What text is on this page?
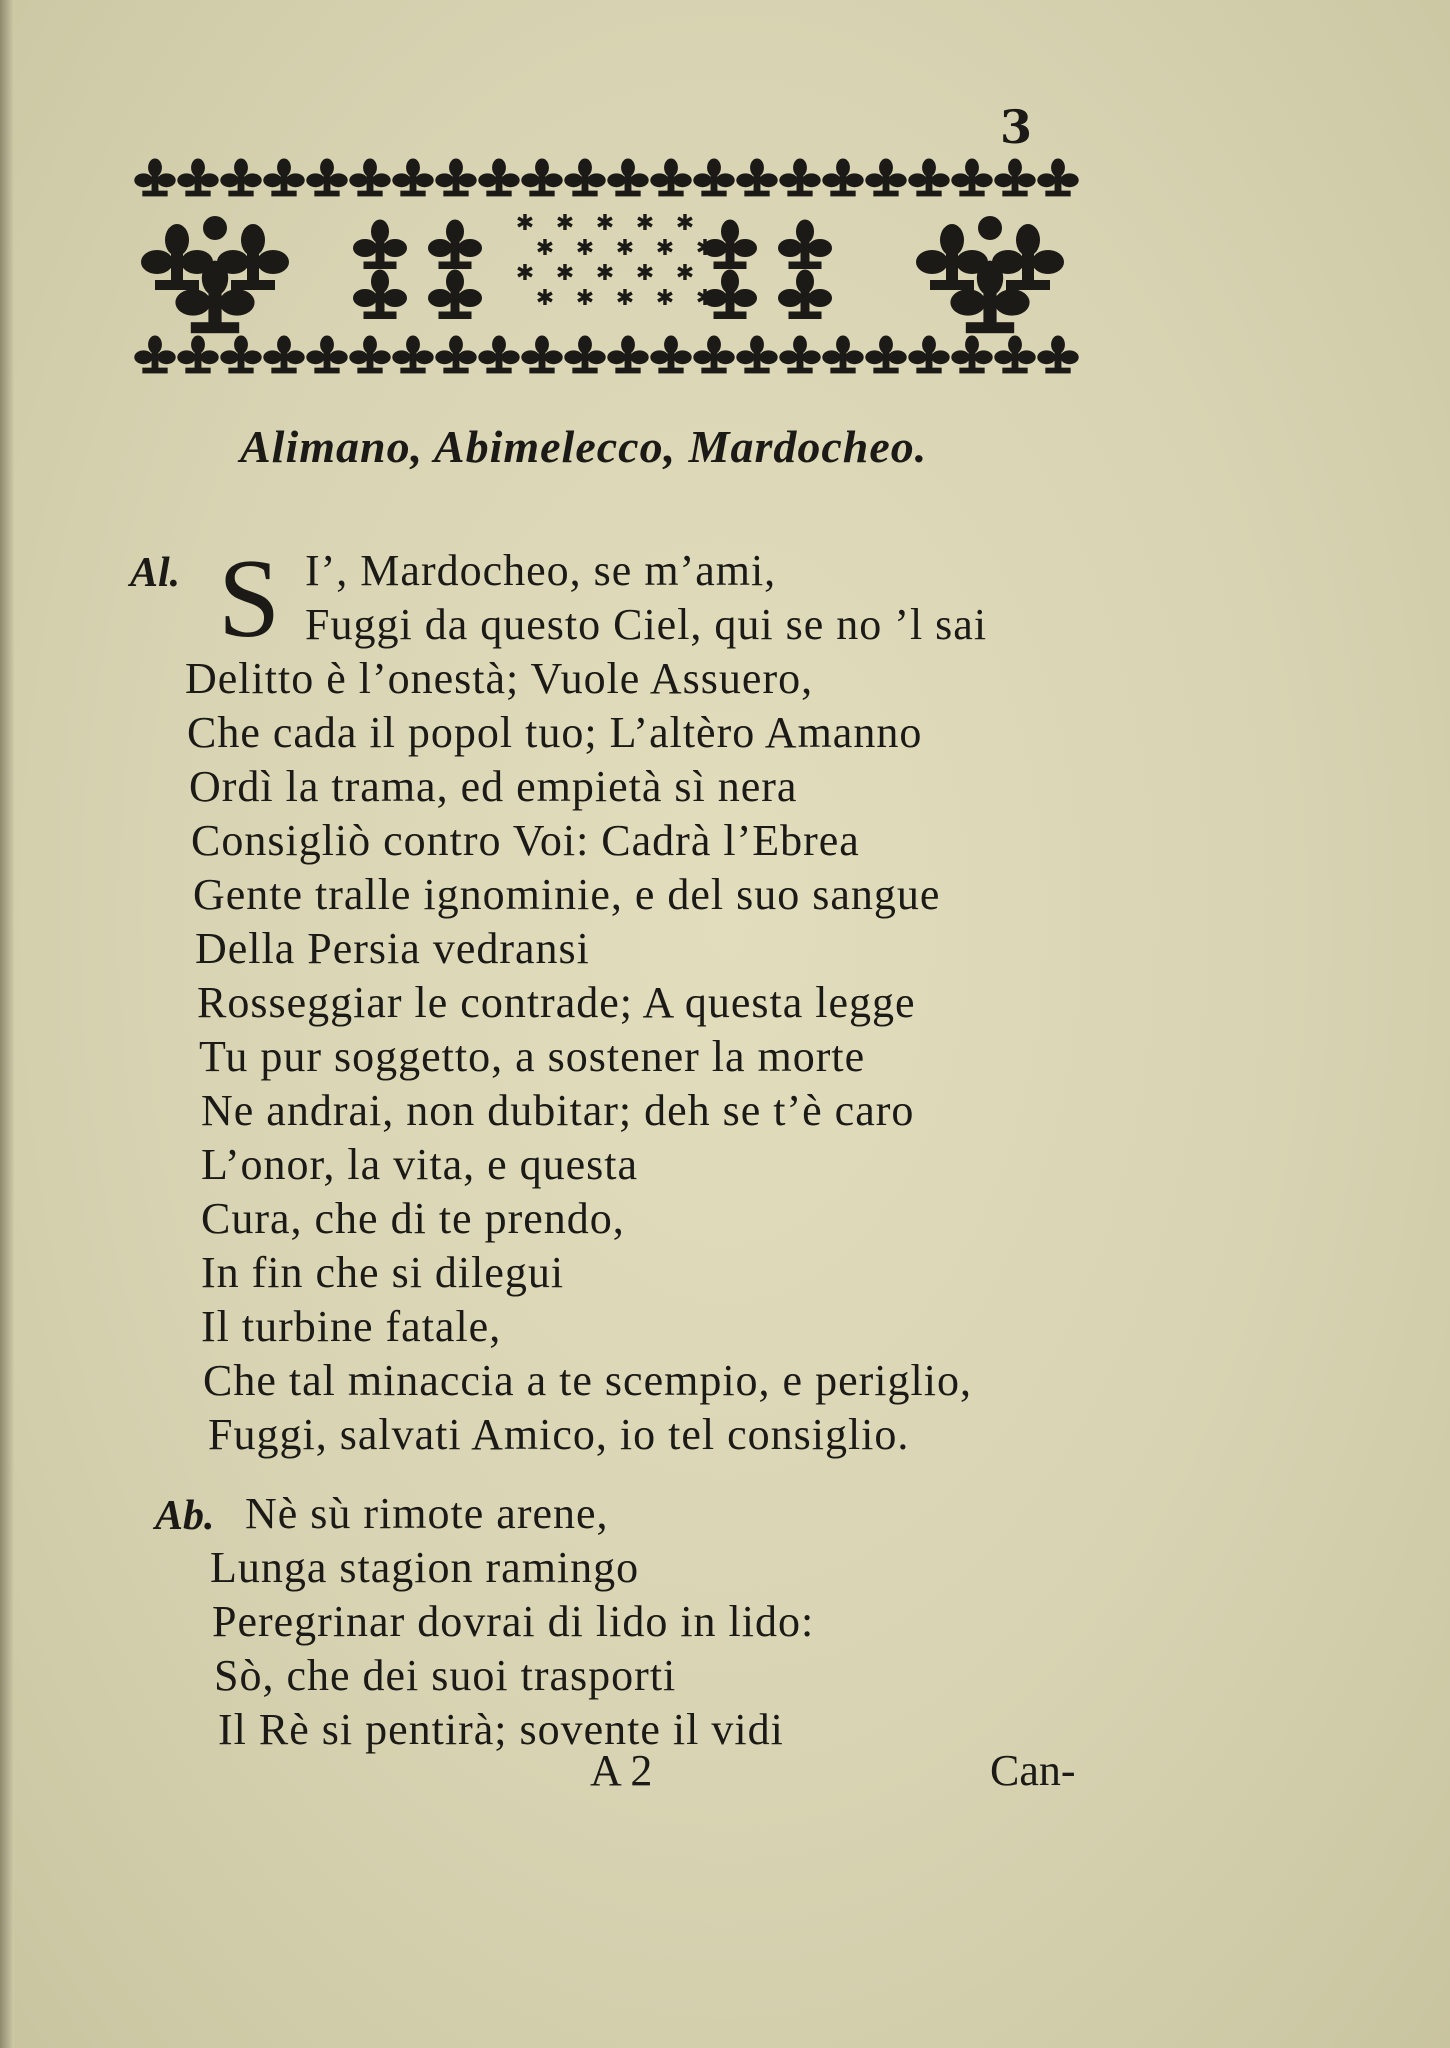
3
✱ ✱ ✱ ✱ ✱
✱ ✱ ✱ ✱ ✱
✱ ✱ ✱ ✱ ✱
✱ ✱ ✱ ✱ ✱
Alimano, Abimelecco, Mardocheo.
Al. S
Ab.
I’, Mardocheo, se m’ami,
Fuggi da questo Ciel, qui se no ’l sai
Delitto è l’onestà; Vuole Assuero,
Che cada il popol tuo; L’altèro Amanno
Ordì la trama, ed empietà sì nera
Consigliò contro Voi: Cadrà l’Ebrea
Gente tralle ignominie, e del suo sangue
Della Persia vedransi
Rosseggiar le contrade; A questa legge
Tu pur soggetto, a sostener la morte
Ne andrai, non dubitar; deh se t’è caro
L’onor, la vita, e questa
Cura, che di te prendo,
In fin che si dilegui
Il turbine fatale,
Che tal minaccia a te scempio, e periglio,
Fuggi, salvati Amico, io tel consiglio.
Nè sù rimote arene,
Lunga stagion ramingo
Peregrinar dovrai di lido in lido:
Sò, che dei suoi trasporti
Il Rè si pentirà; sovente il vidi
A 2	Can-
